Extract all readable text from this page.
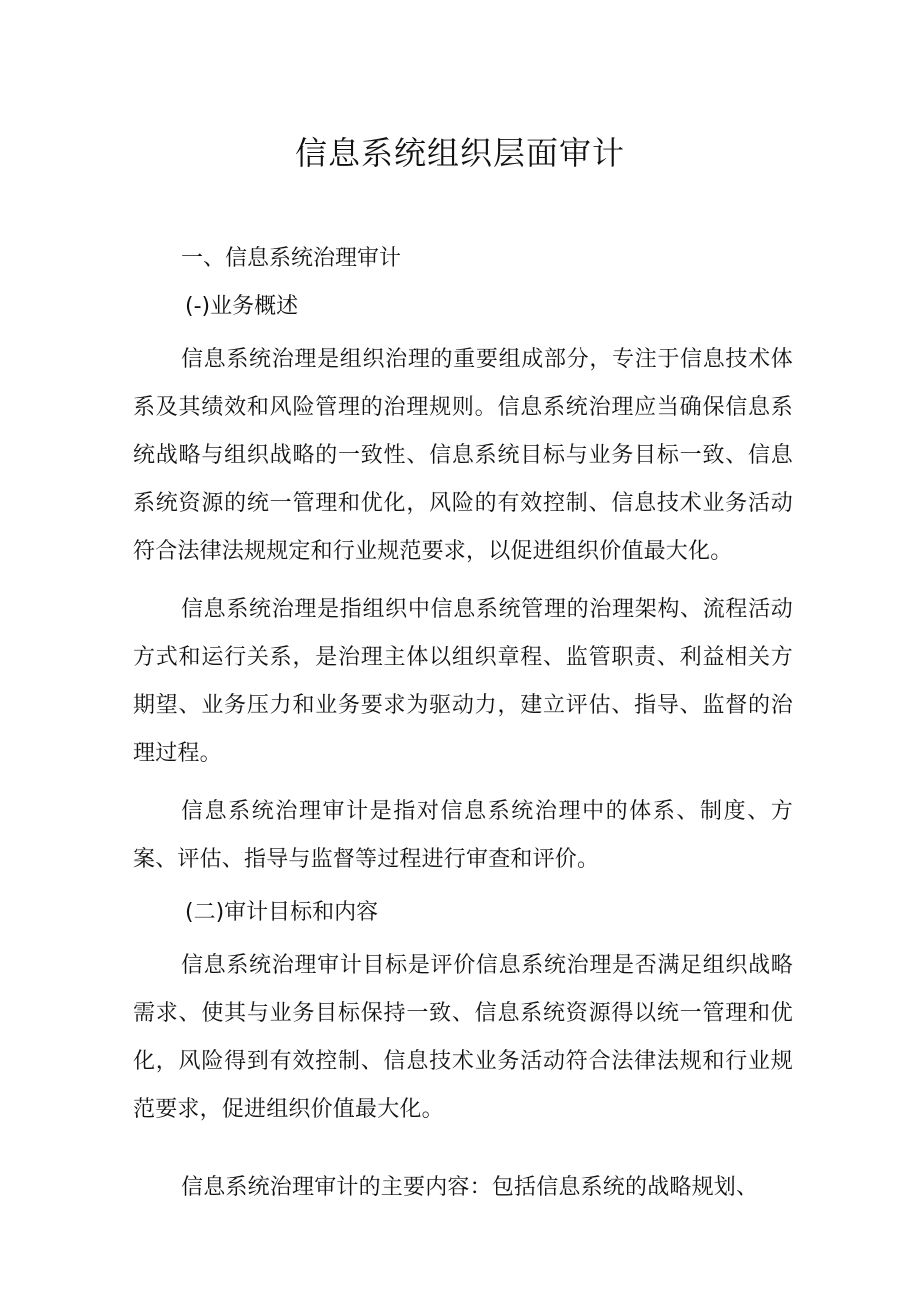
信息系统组织层面审计
一、信息系统治理审计
(-)业务概述

信息系统治理是组织治理的重要组成部分，专注于信息技术体系及其绩效和风险管理的治理规则。信息系统治理应当确保信息系统战略与组织战略的一致性、信息系统目标与业务目标一致、信息系统资源的统一管理和优化，风险的有效控制、信息技术业务活动符合法律法规规定和行业规范要求，以促进组织价值最大化。

信息系统治理是指组织中信息系统管理的治理架构、流程活动方式和运行关系，是治理主体以组织章程、监管职责、利益相关方期望、业务压力和业务要求为驱动力，建立评估、指导、监督的治理过程。

信息系统治理审计是指对信息系统治理中的体系、制度、方案、评估、指导与监督等过程进行审查和评价。

(二)审计目标和内容

信息系统治理审计目标是评价信息系统治理是否满足组织战略需求、使其与业务目标保持一致、信息系统资源得以统一管理和优化，风险得到有效控制、信息技术业务活动符合法律法规和行业规范要求，促进组织价值最大化。

信息系统治理审计的主要内容：包括信息系统的战略规划、
